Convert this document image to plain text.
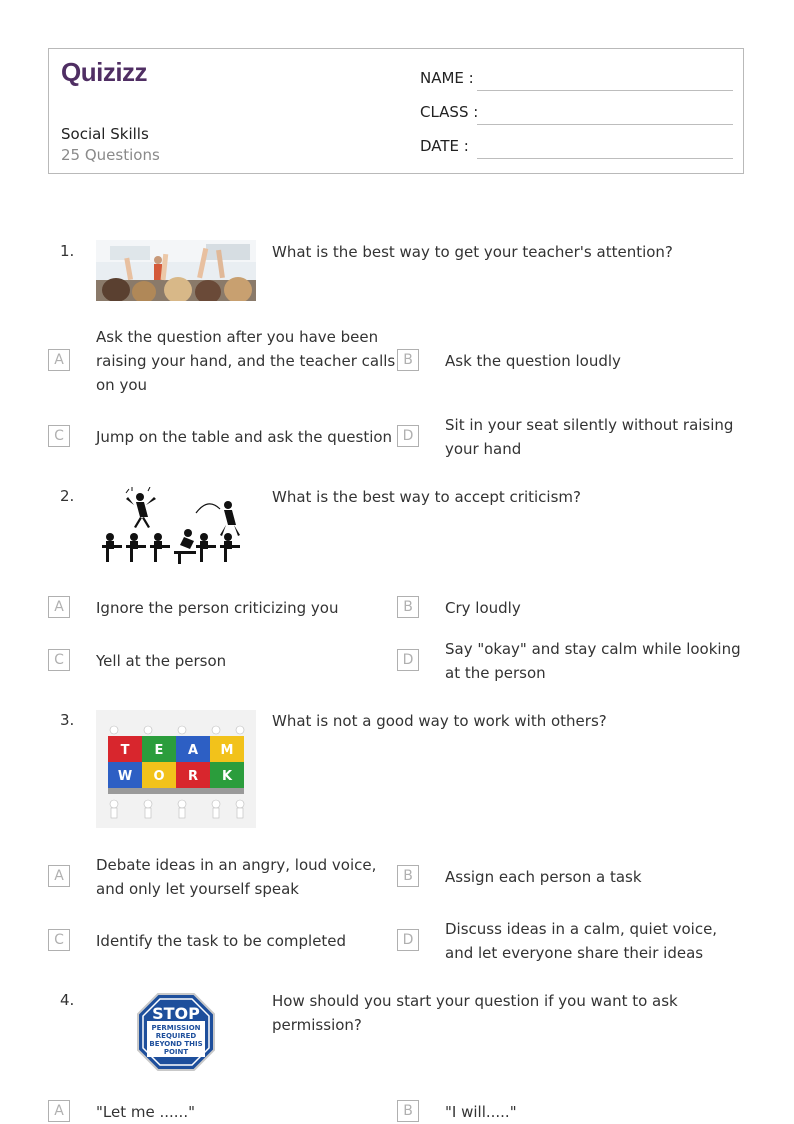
Quizizz
Social Skills
25 Questions
NAME :
CLASS :
DATE :
1.	What is the best way to get your teacher's attention?
A
Ask the question after you have been raising your hand, and the teacher calls on you
B	Ask the question loudly
C	Jump on the table and ask the question D
Sit in your seat silently without raising your hand
2.	What is the best way to accept criticism?
A	Ignore the person criticizing you	B	Cry loudly
C	Yell at the person	D
Say "okay" and stay calm while looking at the person
3.
T E A M
W O R K
What is not a good way to work with others?
A
Debate ideas in an angry, loud voice, and only let yourself speak
B	Assign each person a task
C	Identify the task to be completed	D
Discuss ideas in a calm, quiet voice, and let everyone share their ideas
4.
STOP
PERMISSION
REQUIRED
BEYOND THIS
POINT
How should you start your question if you want to ask permission?
A	"Let me ......"	B	"I will....."
